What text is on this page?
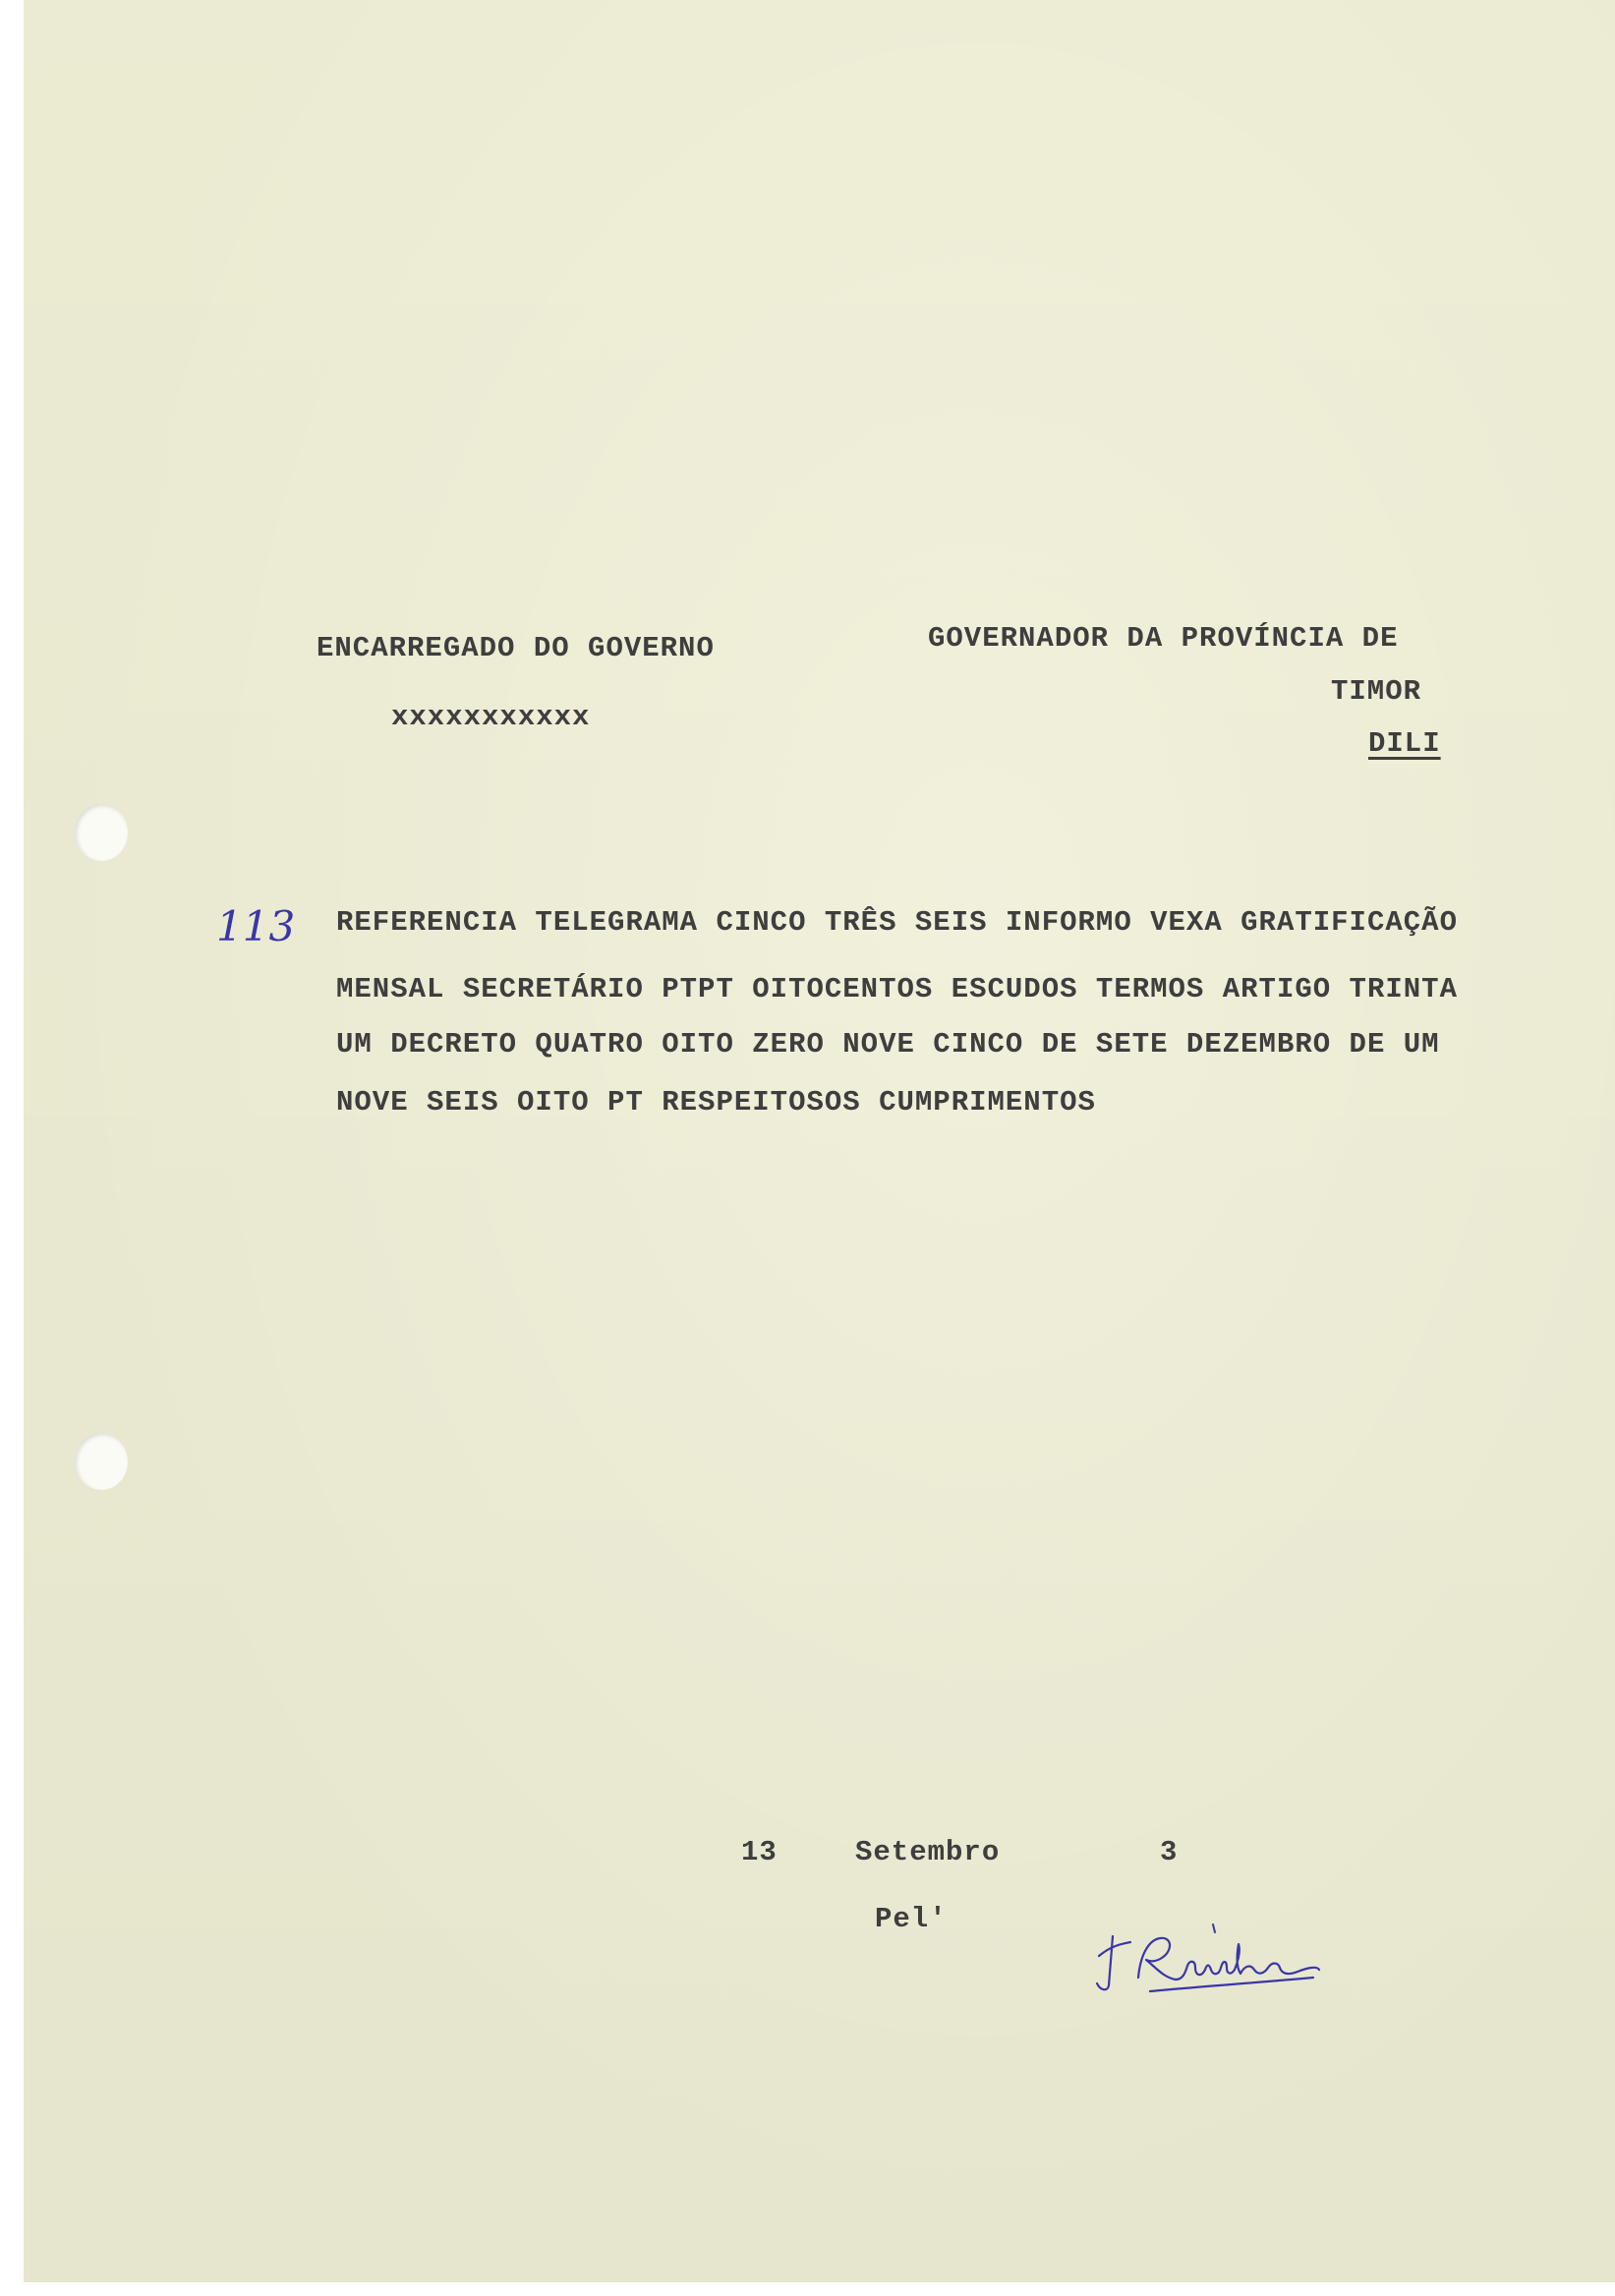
ENCARREGADO DO GOVERNO
xxxxxxxxxxx
GOVERNADOR DA PROVÍNCIA DE
TIMOR
DILI
113 REFERENCIA TELEGRAMA CINCO TRÊS SEIS INFORMO VEXA GRATIFICAÇÃO
MENSAL SECRETÁRIO PTPT OITOCENTOS ESCUDOS TERMOS ARTIGO TRINTA
UM DECRETO QUATRO OITO ZERO NOVE CINCO DE SETE DEZEMBRO DE UM
NOVE SEIS OITO PT RESPEITOSOS CUMPRIMENTOS
13	Setembro	3
Pel'
